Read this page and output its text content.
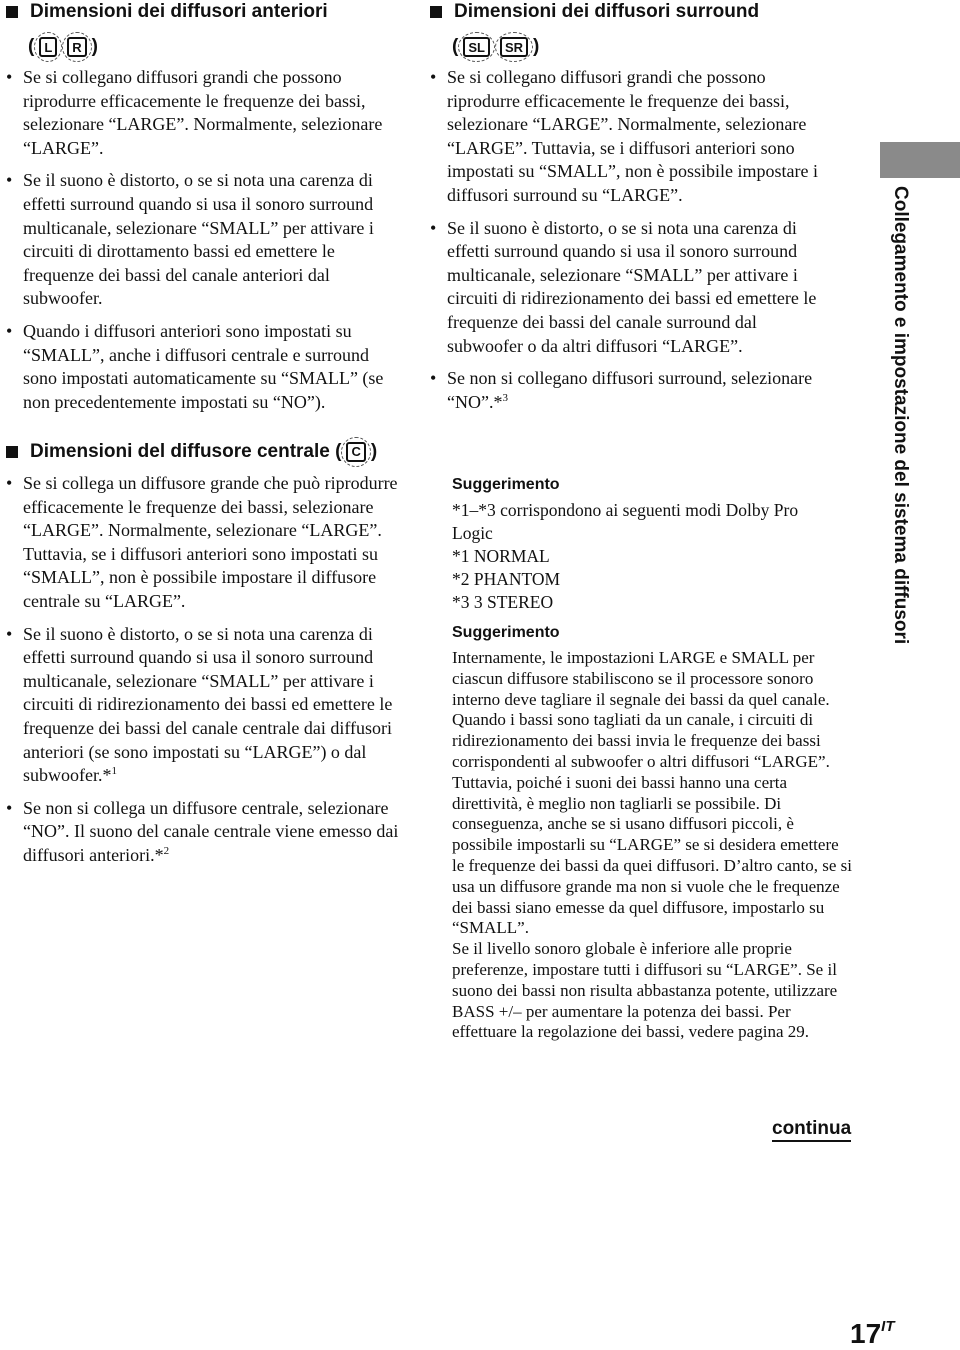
Dimensioni dei diffusori anteriori
( L	R )
• Se si collegano diffusori grandi che possono riprodurre efficacemente le frequenze dei bassi, selezionare “LARGE”. Normalmente, selezionare “LARGE”.
• Se il suono è distorto, o se si nota una carenza di effetti surround quando si usa il sonoro surround multicanale, selezionare “SMALL” per attivare i circuiti di dirottamento bassi ed emettere le frequenze dei bassi del canale anteriori dal subwoofer.
• Quando i diffusori anteriori sono impostati su “SMALL”, anche i diffusori centrale e surround sono impostati automaticamente su “SMALL” (se non precedentemente impostati su “NO”).
Dimensioni del diffusore centrale ( C )
• Se si collega un diffusore grande che può riprodurre efficacemente le frequenze dei bassi, selezionare “LARGE”. Normalmente, selezionare “LARGE”. Tuttavia, se i diffusori anteriori sono impostati su “SMALL”, non è possibile impostare il diffusore centrale su “LARGE”.
• Se il suono è distorto, o se si nota una carenza di effetti surround quando si usa il sonoro surround multicanale, selezionare “SMALL” per attivare i circuiti di ridirezionamento dei bassi ed emettere le frequenze dei bassi del canale centrale dai diffusori anteriori (se sono impostati su “LARGE”) o dal subwoofer.*$^1$
• Se non si collega un diffusore centrale, selezionare “NO”. Il suono del canale centrale viene emesso dai diffusori anteriori.*$^2$
Dimensioni dei diffusori surround
( SL	SR )
• Se si collegano diffusori grandi che possono riprodurre efficacemente le frequenze dei bassi, selezionare “LARGE”. Normalmente, selezionare “LARGE”. Tuttavia, se i diffusori anteriori sono impostati su “SMALL”, non è possibile impostare i diffusori surround su “LARGE”.
• Se il suono è distorto, o se si nota una carenza di effetti surround quando si usa il sonoro surround multicanale, selezionare “SMALL” per attivare i circuiti di ridirezionamento dei bassi ed emettere le frequenze dei bassi del canale surround dal subwoofer o da altri diffusori “LARGE”.
• Se non si collegano diffusori surround, selezionare “NO”.*$^3$
Suggerimento
*1–*3 corrispondono ai seguenti modi Dolby Pro Logic
*1 NORMAL
*2 PHANTOM
*3 3 STEREO
Suggerimento

Internamente, le impostazioni LARGE e SMALL per ciascun diffusore stabiliscono se il processore sonoro interno deve tagliare il segnale dei bassi da quel canale. Quando i bassi sono tagliati da un canale, i circuiti di ridirezionamento dei bassi invia le frequenze dei bassi corrispondenti al subwoofer o altri diffusori “LARGE”.

Tuttavia, poiché i suoni dei bassi hanno una certa direttività, è meglio non tagliarli se possibile. Di conseguenza, anche se si usano diffusori piccoli, è possibile impostarli su “LARGE” se si desidera emettere le frequenze dei bassi da quei diffusori. D’altro canto, se si usa un diffusore grande ma non si vuole che le frequenze dei bassi siano emesse da quel diffusore, impostarlo su “SMALL”.

Se il livello sonoro globale è inferiore alle proprie preferenze, impostare tutti i diffusori su “LARGE”. Se il suono dei bassi non risulta abbastanza potente, utilizzare BASS +/– per aumentare la potenza dei bassi. Per effettuare la regolazione dei bassi, vedere pagina 29.

continua
Collegamento e impostazione del sistema diffusori
$17^{IT}$
